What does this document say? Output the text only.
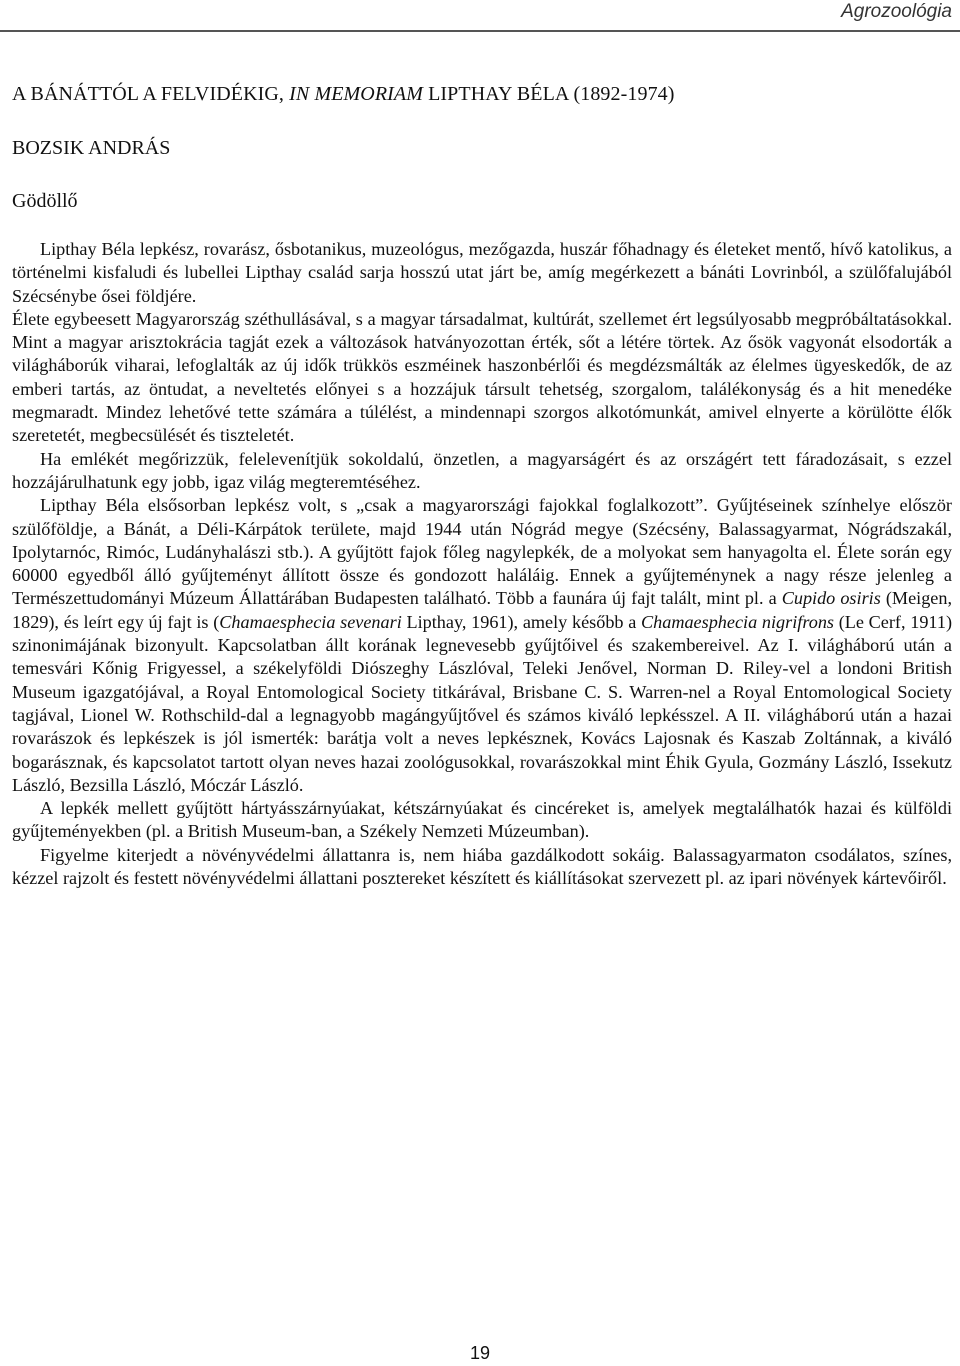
Agrozoológia
A BÁNÁTTÓL A FELVIDÉKIG, IN MEMORIAM LIPTHAY BÉLA (1892-1974)
BOZSIK ANDRÁS
Gödöllő

Lipthay Béla lepkész, rovarász, ősbotanikus, muzeológus, mezőgazda, huszár főhadnagy és életeket mentő, hívő katolikus, a történelmi kisfaludi és lubellei Lipthay család sarja hosszú utat járt be, amíg megérkezett a bánáti Lovrinból, a szülőfalujából Szécsénybe ősei földjére.

Élete egybeesett Magyarország széthullásával, s a magyar társadalmat, kultúrát, szellemet ért legsúlyosabb megpróbáltatásokkal. Mint a magyar arisztokrácia tagját ezek a változások hatványozottan érték, sőt a létére törtek. Az ősök vagyonát elsodorták a világháborúk viharai, lefoglalták az új idők trükkös eszméinek haszonbérlői és megdézsmálták az élelmes ügyeskedők, de az emberi tartás, az öntudat, a neveltetés előnyei s a hozzájuk társult tehetség, szorgalom, találékonyság és a hit menedéke megmaradt. Mindez lehetővé tette számára a túlélést, a mindennapi szorgos alkotómunkát, amivel elnyerte a körülötte élők szeretetét, megbecsülését és tiszteletét.

Ha emlékét megőrizzük, felelevenítjük sokoldalú, önzetlen, a magyarságért és az országért tett fáradozásait, s ezzel hozzájárulhatunk egy jobb, igaz világ megteremtéséhez.

Lipthay Béla elsősorban lepkész volt, s „csak a magyarországi fajokkal foglalkozott”. Gyűjtéseinek színhelye először szülőföldje, a Bánát, a Déli-Kárpátok területe, majd 1944 után Nógrád megye (Szécsény, Balassagyarmat, Nógrádszakál, Ipolytarnóc, Rimóc, Ludányhalászi stb.). A gyűjtött fajok főleg nagylepkék, de a molyokat sem hanyagolta el. Élete során egy 60000 egyedből álló gyűjteményt állított össze és gondozott haláláig. Ennek a gyűjteménynek a nagy része jelenleg a Természettudományi Múzeum Állattárában Budapesten található. Több a faunára új fajt talált, mint pl. a Cupido osiris (Meigen, 1829), és leírt egy új fajt is (Chamaesphecia sevenari Lipthay, 1961), amely később a Chamaesphecia nigrifrons (Le Cerf, 1911) szinonimájának bizonyult. Kapcsolatban állt korának legnevesebb gyűjtőivel és szakembereivel. Az I. világháború után a temesvári Kőnig Frigyessel, a székelyföldi Diószeghy Lászlóval, Teleki Jenővel, Norman D. Riley-vel a londoni British Museum igazgatójával, a Royal Entomological Society titkárával, Brisbane C. S. Warren-nel a Royal Entomological Society tagjával, Lionel W. Rothschild-dal a legnagyobb magángyűjtővel és számos kiváló lepkésszel. A II. világháború után a hazai rovarászok és lepkészek is jól ismerték: barátja volt a neves lepkésznek, Kovács Lajosnak és Kaszab Zoltánnak, a kiváló bogarásznak, és kapcsolatot tartott olyan neves hazai zoológusokkal, rovarászokkal mint Éhik Gyula, Gozmány László, Issekutz László, Bezsilla László, Móczár László.

A lepkék mellett gyűjtött hártyásszárnyúakat, kétszárnyúakat és cincéreket is, amelyek megtalálhatók hazai és külföldi gyűjteményekben (pl. a British Museum-ban, a Székely Nemzeti Múzeumban).

Figyelme kiterjedt a növényvédelmi állattanra is, nem hiába gazdálkodott sokáig. Balassagyarmaton csodálatos, színes, kézzel rajzolt és festett növényvédelmi állattani posztereket készített és kiállításokat szervezett pl. az ipari növények kártevőiről.

19
